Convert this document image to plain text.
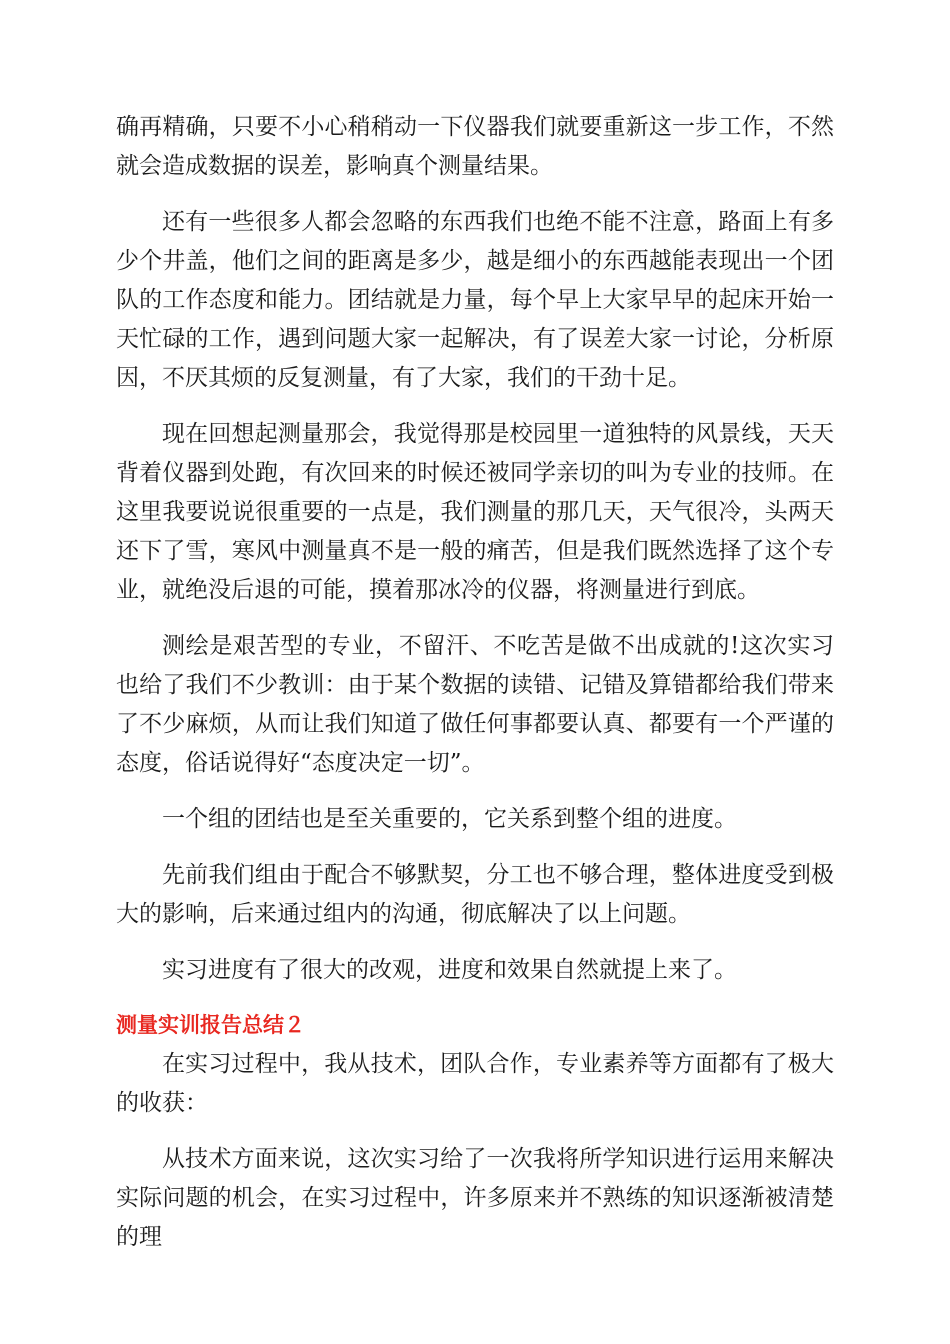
确再精确，只要不小心稍稍动一下仪器我们就要重新这一步工作，不然就会造成数据的误差，影响真个测量结果。

还有一些很多人都会忽略的东西我们也绝不能不注意，路面上有多少个井盖，他们之间的距离是多少，越是细小的东西越能表现出一个团队的工作态度和能力。团结就是力量，每个早上大家早早的起床开始一天忙碌的工作，遇到问题大家一起解决，有了误差大家一讨论，分析原因，不厌其烦的反复测量，有了大家，我们的干劲十足。

现在回想起测量那会，我觉得那是校园里一道独特的风景线，天天背着仪器到处跑，有次回来的时候还被同学亲切的叫为专业的技师。在这里我要说说很重要的一点是，我们测量的那几天，天气很冷，头两天还下了雪，寒风中测量真不是一般的痛苦，但是我们既然选择了这个专业，就绝没后退的可能，摸着那冰冷的仪器，将测量进行到底。

测绘是艰苦型的专业，不留汗、不吃苦是做不出成就的!这次实习也给了我们不少教训：由于某个数据的读错、记错及算错都给我们带来了不少麻烦，从而让我们知道了做任何事都要认真、都要有一个严谨的态度，俗话说得好“态度决定一切”。

一个组的团结也是至关重要的，它关系到整个组的进度。

先前我们组由于配合不够默契，分工也不够合理，整体进度受到极大的影响，后来通过组内的沟通，彻底解决了以上问题。

实习进度有了很大的改观，进度和效果自然就提上来了。

测量实训报告总结２

在实习过程中，我从技术，团队合作，专业素养等方面都有了极大的收获：

从技术方面来说，这次实习给了一次我将所学知识进行运用来解决实际问题的机会，在实习过程中，许多原来并不熟练的知识逐渐被清楚的理
